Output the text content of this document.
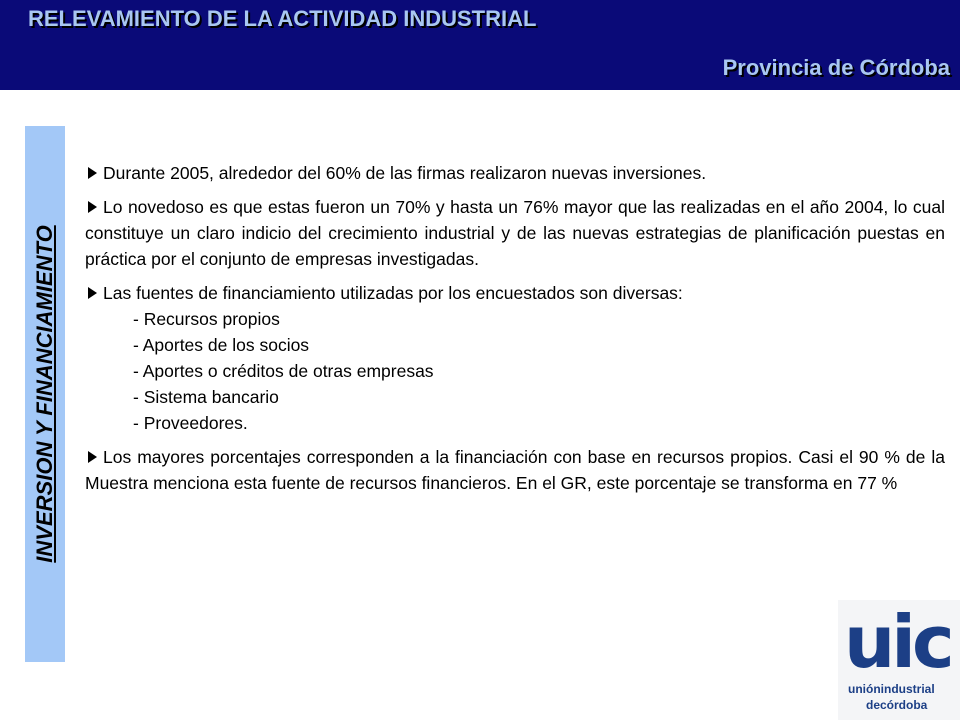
RELEVAMIENTO DE LA ACTIVIDAD INDUSTRIAL
Provincia de Córdoba
INVERSION Y FINANCIAMIENTO

Durante 2005, alrededor del 60% de las firmas realizaron nuevas inversiones.

Lo novedoso es que estas fueron un 70% y hasta un 76% mayor que las realizadas en el año 2004, lo cual constituye un claro indicio del crecimiento industrial y de las nuevas estrategias de planificación puestas en práctica por el conjunto de empresas investigadas.

Las fuentes de financiamiento utilizadas por los encuestados son diversas:

- Recursos propios
- Aportes de los socios
- Aportes o créditos de otras empresas
- Sistema bancario
- Proveedores.

Los mayores porcentajes corresponden a la financiación con base en recursos propios. Casi el 90 % de la Muestra menciona esta fuente de recursos financieros. En el GR, este porcentaje se transforma en 77 %

uic
uniónindustrial
decórdoba
